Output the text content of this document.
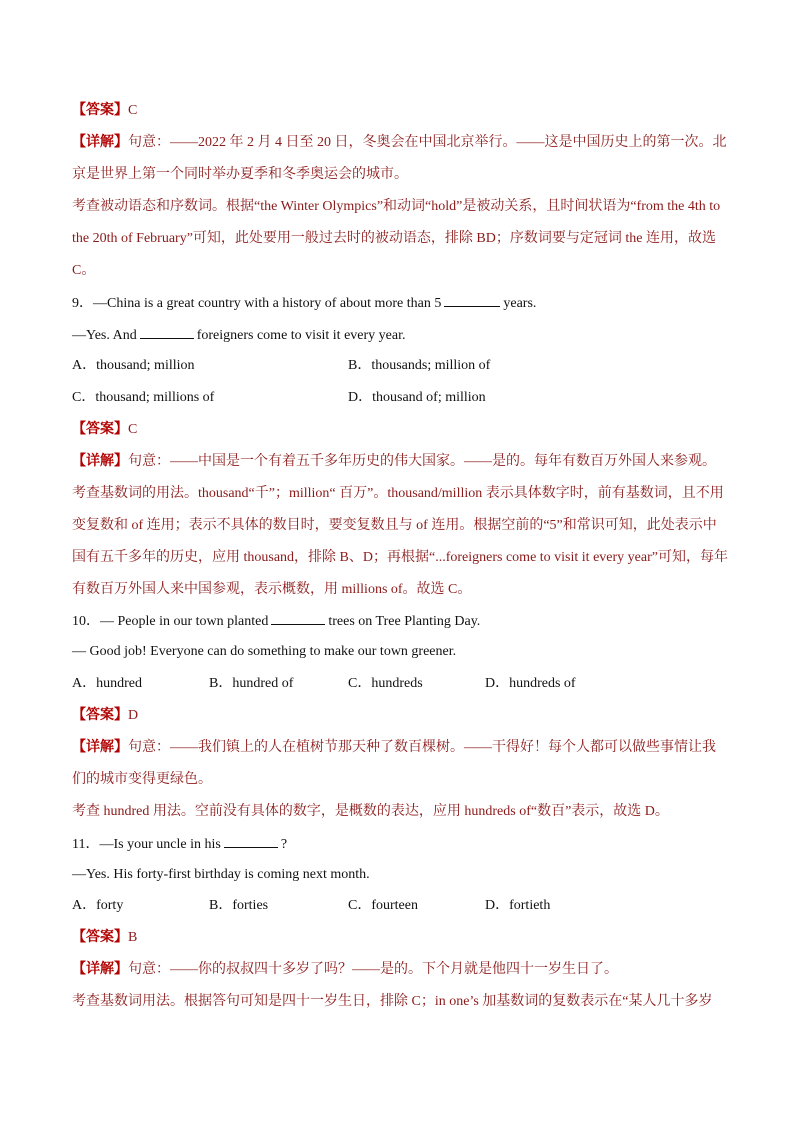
【答案】C
【详解】句意：——2022 年 2 月 4 日至 20 日，冬奥会在中国北京举行。——这是中国历史上的第一次。北
京是世界上第一个同时举办夏季和冬季奥运会的城市。
考查被动语态和序数词。根据“the Winter Olympics”和动词“hold”是被动关系，且时间状语为“from the 4th to
the 20th of February”可知，此处要用一般过去时的被动语态，排除 BD；序数词要与定冠词 the 连用，故选
C。
9．—China is a great country with a history of about more than 5	years.
—Yes. And	foreigners come to visit it every year.
A．thousand; million	B．thousands; million of
C．thousand; millions of	D．thousand of; million
【答案】C
【详解】句意：——中国是一个有着五千多年历史的伟大国家。——是的。每年有数百万外国人来参观。
考查基数词的用法。thousand“千”；million“ 百万”。thousand/million 表示具体数字时，前有基数词，且不用
变复数和 of 连用；表示不具体的数目时，要变复数且与 of 连用。根据空前的“5”和常识可知，此处表示中
国有五千多年的历史，应用 thousand，排除 B、D；再根据“...foreigners come to visit it every year”可知，每年
有数百万外国人来中国参观，表示概数，用 millions of。故选 C。
10．— People in our town planted	trees on Tree Planting Day.
— Good job! Everyone can do something to make our town greener.
A．hundred	B．hundred of	C．hundreds	D．hundreds of
【答案】D
【详解】句意：——我们镇上的人在植树节那天种了数百棵树。——干得好！每个人都可以做些事情让我
们的城市变得更绿色。
考查 hundred 用法。空前没有具体的数字，是概数的表达，应用 hundreds of“数百”表示，故选 D。
11．—Is your uncle in his	?
—Yes. His forty-first birthday is coming next month.
A．forty	B．forties	C．fourteen	D．fortieth
【答案】B
【详解】句意：——你的叔叔四十多岁了吗？——是的。下个月就是他四十一岁生日了。
考查基数词用法。根据答句可知是四十一岁生日，排除 C；in one’s 加基数词的复数表示在“某人几十多岁
